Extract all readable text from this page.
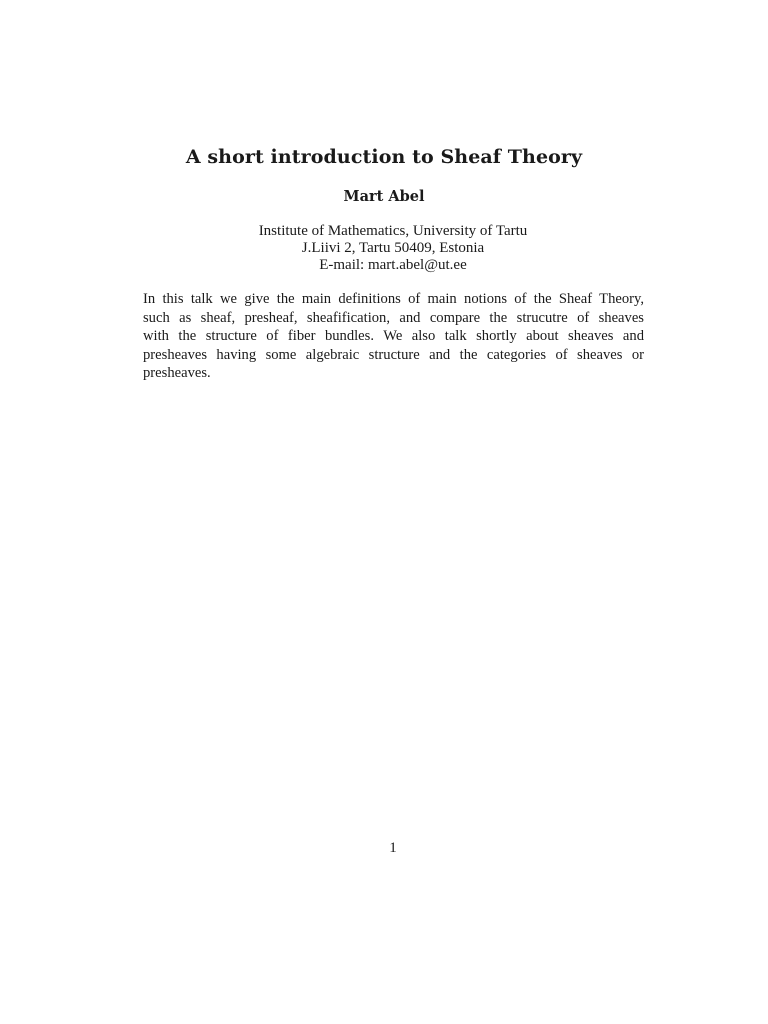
A short introduction to Sheaf Theory
Mart Abel
Institute of Mathematics, University of Tartu
J.Liivi 2, Tartu 50409, Estonia
E-mail: mart.abel@ut.ee
In this talk we give the main definitions of main notions of the Sheaf Theory,
such as sheaf, presheaf, sheafification, and compare the strucutre of sheaves
with the structure of fiber bundles. We also talk shortly about sheaves and
presheaves having some algebraic structure and the categories of sheaves or
presheaves.
1
